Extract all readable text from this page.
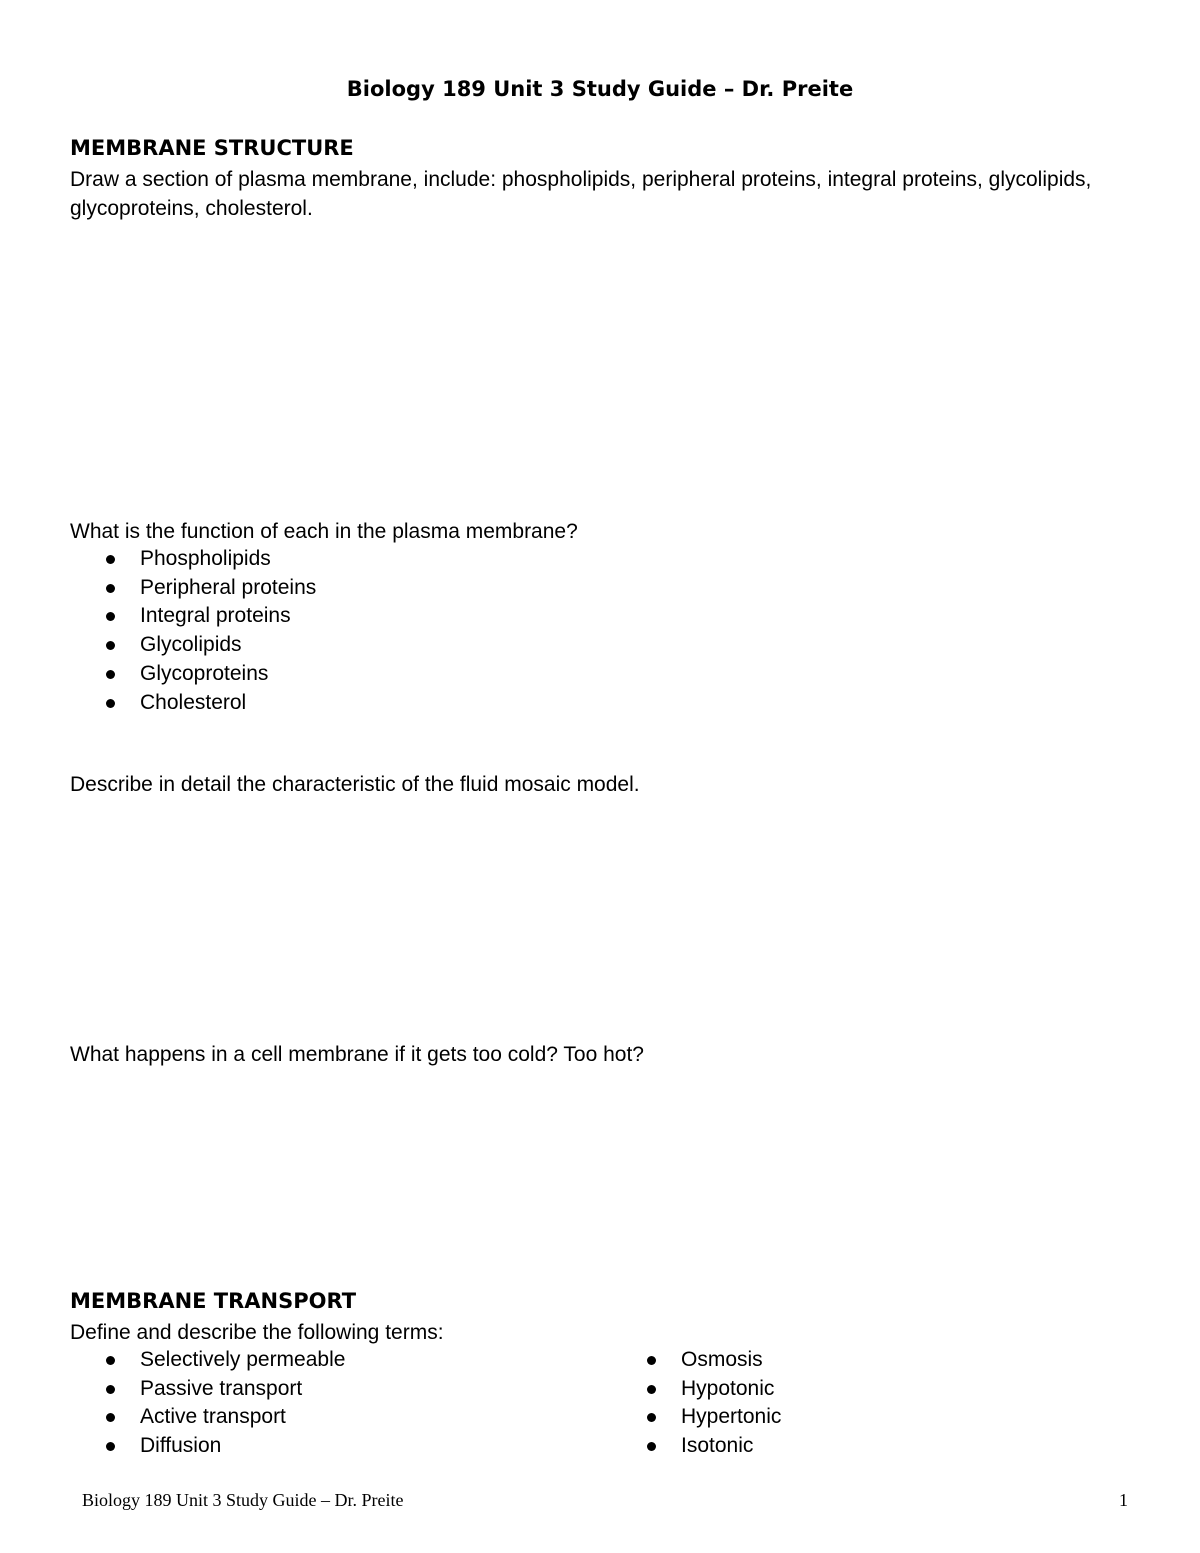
Biology 189 Unit 3 Study Guide – Dr. Preite
MEMBRANE STRUCTURE

Draw a section of plasma membrane, include: phospholipids, peripheral proteins, integral proteins, glycolipids, glycoproteins, cholesterol.

What is the function of each in the plasma membrane?

Phospholipids
Peripheral proteins
Integral proteins
Glycolipids
Glycoproteins
Cholesterol

Describe in detail the characteristic of the fluid mosaic model.

What happens in a cell membrane if it gets too cold? Too hot?

MEMBRANE TRANSPORT

Define and describe the following terms:

Selectively permeable
Passive transport
Active transport
Diffusion
Osmosis
Hypotonic
Hypertonic
Isotonic
Biology 189 Unit 3 Study Guide – Dr. Preite	1
